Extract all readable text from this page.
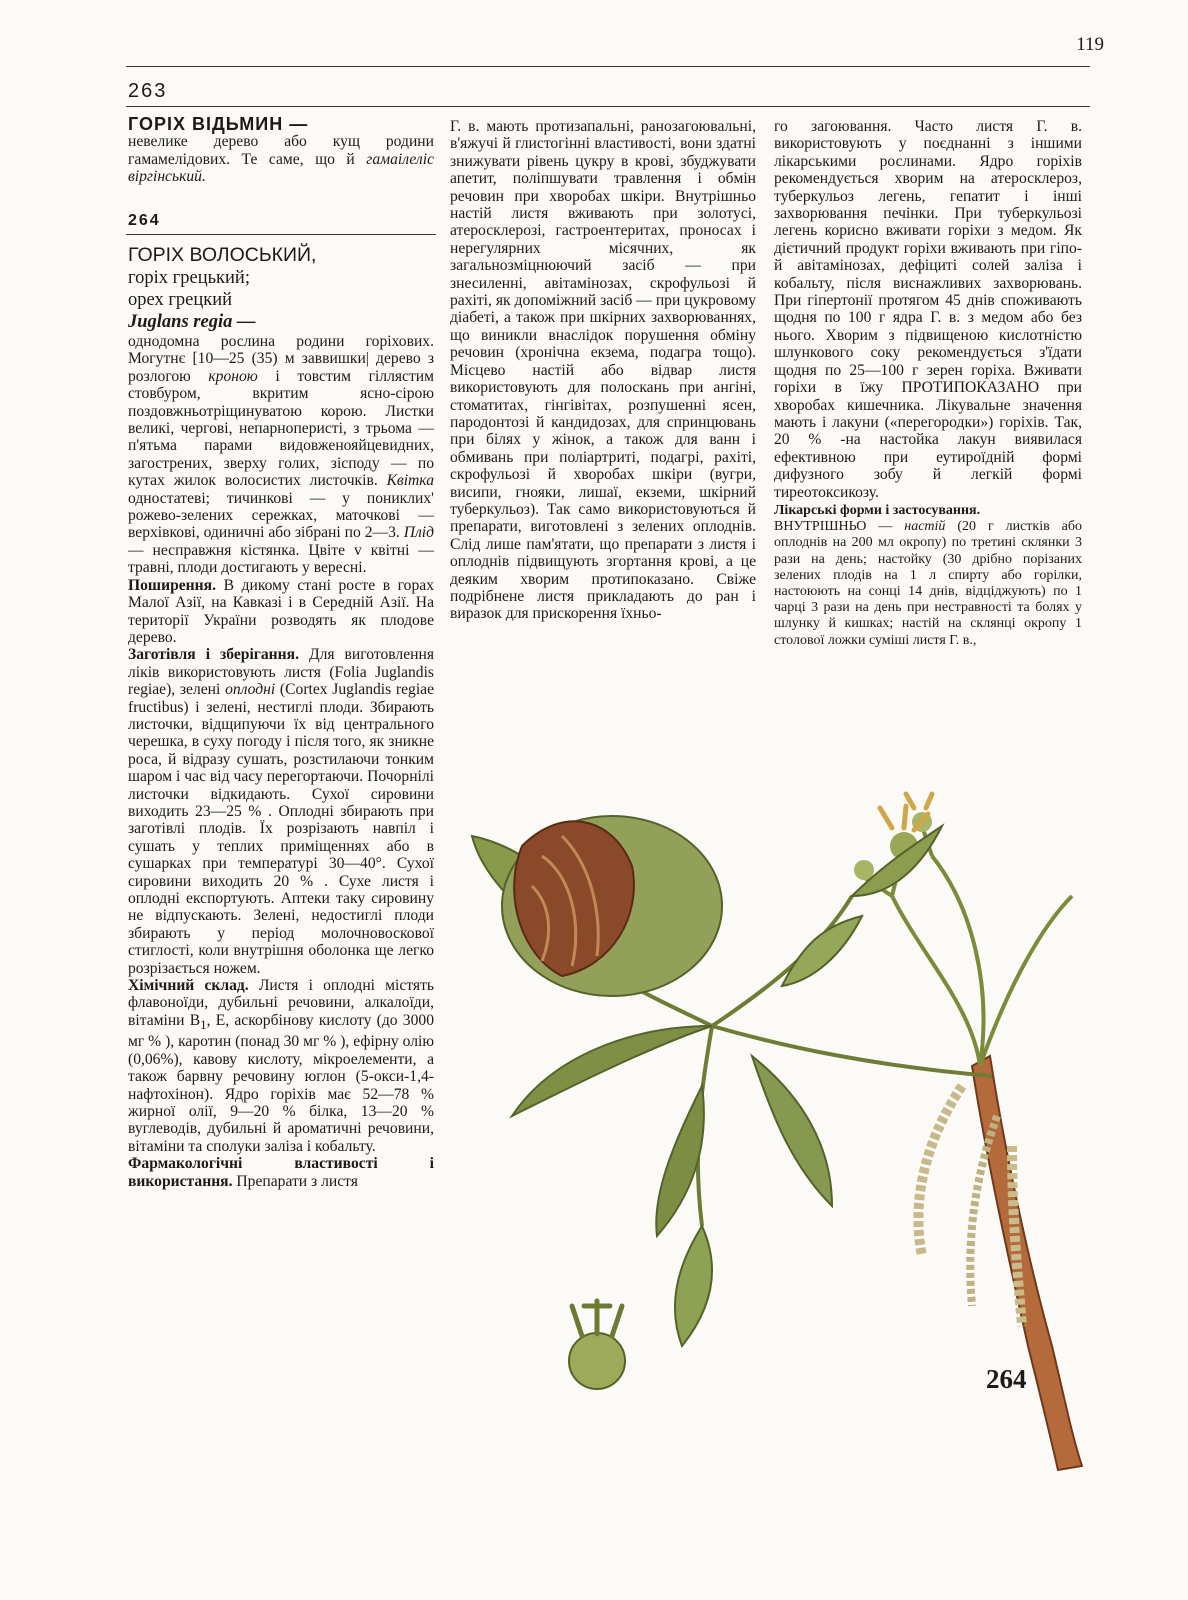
119
263
264
ГОРІХ ВІДЬМИН —

невелике дерево або кущ родини гамамелідових. Те саме, що й гамаілеліс віргінський.

ГОРІХ ВОЛОСЬКИЙ,
горіх грецький;
орех грецкий
Juglans regia —

однодомна рослина родини горіхових. Могутнє [10—25 (35) м заввишки| дерево з розлогою кроною і товстим гіллястим стовбуром, вкритим ясно-сірою поздовжньотріщинуватою корою. Листки великі, чергові, непарноперисті, з трьома — п'ятьма парами видовженояйцевидних, загострених, зверху голих, зісподу — по кутах жилок волосистих листочків. Квітка одностатеві; тичинкові — у пониклих' рожево-зелених сережках, маточкові — верхівкові, одиничні або зібрані по 2—3. Плід — несправжня кістянка. Цвіте v квітні — травні, плоди достигають у вересні.

Поширення. В дикому стані росте в горах Малої Азії, на Кавказі і в Середній Азії. На території України розводять як плодове дерево.

Заготівля і зберігання. Для виготовлення ліків використовують листя (Folia Juglandis regiae), зелені оплодні (Cortex Juglandis regiae fructibus) і зелені, нестиглі плоди. Збирають листочки, відщипуючи їх від центрального черешка, в суху погоду і після того, як зникне роса, й відразу сушать, розстилаючи тонким шаром і час від часу перегортаючи. Почорнілі листочки відкидають. Сухої сировини виходить 23—25 % . Оплодні збирають при заготівлі плодів. Їх розрізають навпіл і сушать у теплих приміщеннях або в сушарках при температурі 30—40°. Сухої сировини виходить 20 % . Сухе листя і оплодні експортують. Аптеки таку сировину не відпускають. Зелені, недостиглі плоди збирають у період молочновоскової стиглості, коли внутрішня оболонка ще легко розрізається ножем.

Хімічний склад. Листя і оплодні містять флавоноїди, дубильні речовини, алкалоїди, вітаміни $B_1$, E, аскорбінову кислоту (до 3000 мг % ), каротин (понад 30 мг % ), ефірну олію (0,06%), кавову кислоту, мікроелементи, а також барвну речовину юглон (5-окси-1,4-нафтохінон). Ядро горіхів має 52—78 % жирної олії, 9—20 % білка, 13—20 % вуглеводів, дубильні й ароматичні речовини, вітаміни та сполуки заліза і кобальту.

Фармакологічні властивості і використання. Препарати з листя

Г. в. мають протизапальні, ранозагоювальні, в'яжучі й глистогінні властивості, вони здатні знижувати рівень цукру в крові, збуджувати апетит, поліпшувати травлення і обмін речовин при хворобах шкіри. Внутрішньо настій листя вживають при золотусі, атеросклерозі, гастроентеритах, проносах і нерегулярних місячних, як загальнозміцнюючий засіб — при знесиленні, авітамінозах, скрофульозі й рахіті, як допоміжний засіб — при цукровому діабеті, а також при шкірних захворюваннях, що виникли внаслідок порушення обміну речовин (хронічна екзема, подагра тощо). Місцево настій або відвар листя використовують для полоскань при ангіні, стоматитах, гінгівітах, розпушенні ясен, пародонтозі й кандидозах, для спринцювань при білях у жінок, а також для ванн і обмивань при поліартриті, подагрі, рахіті, скрофульозі й хворобах шкіри (вугри, висипи, гнояки, лишаї, екземи, шкірний туберкульоз). Так само використовуються й препарати, виготовлені з зелених оплоднів. Слід лише пам'ятати, що препарати з листя і оплоднів підвищують згортання крові, а це деяким хворим протипоказано. Свіже подрібнене листя прикладають до ран і виразок для прискорення їхньо-

го загоювання. Часто листя Г. в. використовують у поєднанні з іншими лікарськими рослинами. Ядро горіхів рекомендується хворим на атеросклероз, туберкульоз легень, гепатит і інші захворювання печінки. При туберкульозі легень корисно вживати горіхи з медом. Як дієтичний продукт горіхи вживають при гіпо- й авітамінозах, дефіциті солей заліза і кобальту, після виснажливих захворювань. При гіпертонії протягом 45 днів споживають щодня по 100 г ядра Г. в. з медом або без нього. Хворим з підвищеною кислотністю шлункового соку рекомендується з'їдати щодня по 25—100 г зерен горіха. Вживати горіхи в їжу ПРОТИПОКАЗАНО при хворобах кишечника. Лікувальне значення мають і лакуни («перегородки») горіхів. Так, 20 % -на настойка лакун виявилася ефективною при еутироїдній формі дифузного зобу й легкій формі тиреотоксикозу.

Лікарські форми і застосування.

ВНУТРІШНЬО — настій (20 г листків або оплоднів на 200 мл окропу) по третині склянки 3 рази на день; настойку (30 дрібно порізаних зелених плодів на 1 л спирту або горілки, настоюють на сонці 14 днів, відціджують) по 1 чарці 3 рази на день при нестравності та болях у шлунку й кишках; настій на склянці окропу 1 столової ложки суміші листя Г. в.,

264
